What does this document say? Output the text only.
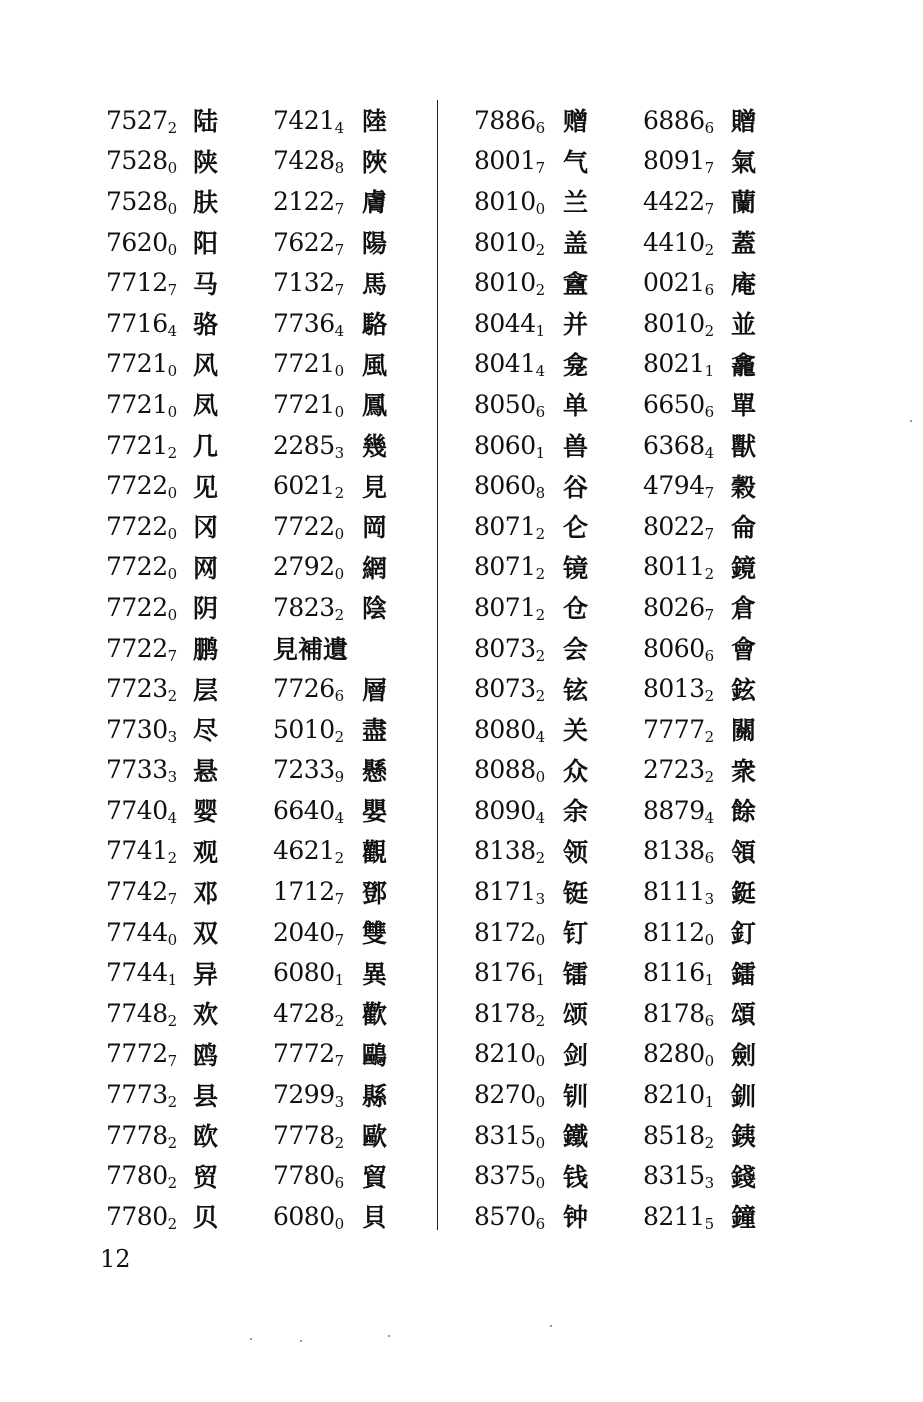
$7527_2$
$7528_0$
$7528_0$
$7620_0$
$7712_7$
$7716_4$
$7721_0$
$7721_0$
$7721_2$
$7722_0$
$7722_0$
$7722_0$
$7722_0$
$7722_7$
$7723_2$
$7730_3$
$7733_3$
$7740_4$
$7741_2$
$7742_7$
$7744_0$
$7744_1$
$7748_2$
$7772_7$
$7773_2$
$7778_2$
$7780_2$
$7780_2$
陆
陕
肤
阳
马
骆
风
凤
几
见
冈
网
阴
鹏
层
尽
悬
婴
观
邓
双
异
欢
鸥
县
欧
贸
贝
$7421_4$
$7428_8$
$2122_7$
$7622_7$
$7132_7$
$7736_4$
$7721_0$
$7721_0$
$2285_3$
$6021_2$
$7722_0$
$2792_0$
$7823_2$
見補遺
$7726_6$
$5010_2$
$7233_9$
$6640_4$
$4621_2$
$1712_7$
$2040_7$
$6080_1$
$4728_2$
$7772_7$
$7299_3$
$7778_2$
$7780_6$
$6080_0$
陸
陜
膚
陽
馬
駱
風
鳳
幾
見
岡
網
陰
層
盡
懸
嬰
觀
鄧
雙
異
歡
鷗
縣
歐
貿
貝
$7886_6$
$8001_7$
$8010_0$
$8010_2$
$8010_2$
$8044_1$
$8041_4$
$8050_6$
$8060_1$
$8060_8$
$8071_2$
$8071_2$
$8071_2$
$8073_2$
$8073_2$
$8080_4$
$8088_0$
$8090_4$
$8138_2$
$8171_3$
$8172_0$
$8176_1$
$8178_2$
$8210_0$
$8270_0$
$8315_0$
$8375_0$
$8570_6$
赠
气
兰
盖
盦
并
龛
单
兽
谷
仑
镜
仓
会
铉
关
众
余
领
铤
钉
镭
颂
剑
钏
鐵
钱
钟
$6886_6$
$8091_7$
$4422_7$
$4410_2$
$0021_6$
$8010_2$
$8021_1$
$6650_6$
$6368_4$
$4794_7$
$8022_7$
$8011_2$
$8026_7$
$8060_6$
$8013_2$
$7777_2$
$2723_2$
$8879_4$
$8138_6$
$8111_3$
$8112_0$
$8116_1$
$8178_6$
$8280_0$
$8210_1$
$8518_2$
$8315_3$
$8211_5$
贈
氣
蘭
蓋
庵
並
龕
單
獸
穀
侖
鏡
倉
會
鉉
關
衆
餘
領
鋌
釘
鐳
頌
劍
釧
銕
錢
鐘
12
